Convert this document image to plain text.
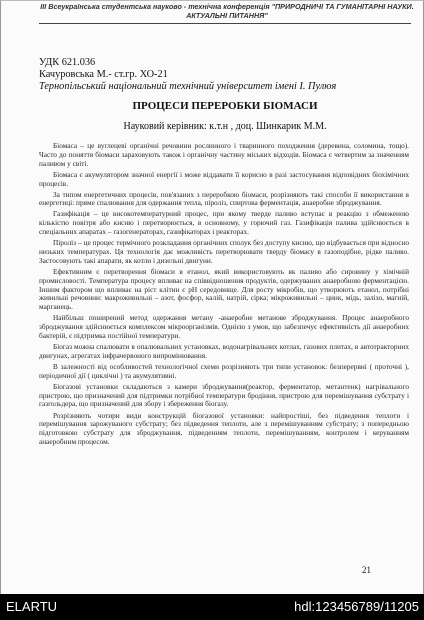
III Всеукраїнська студентська науково - технічна конференція "ПРИРОДНИЧІ ТА ГУМАНІТАРНІ НАУКИ. АКТУАЛЬНІ ПИТАННЯ"
УДК 621.036
Качуровська М.- ст.гр. ХО-21
Тернопільський національний технічний університет імені І. Пулюя
ПРОЦЕСИ ПЕРЕРОБКИ БІОМАСИ
Науковий керівник: к.т.н , доц. Шинкарик М.М.

Біомаса – це вуглецеві органічні речовини рослинного і тваринного походження (деревина, соломина, тощо). Часто до поняття біомаси зараховують також і органічну частину міських відходів. Біомаса є четвертим за значенням паливом у світі.

Біомаса є акумулятором значної енергії і може віддавати її корисно в разі застосування відповідних біохімічних процесів.

За типом енергетичних процесів, пов'язаних з переробкою біомаси, розрізняють такі способи її використання в енергетиці: пряме спалювання для одержання тепла, піроліз, спиртова ферментація, анаеробне зброджування.

Газифікація – це високотемпературний процес, при якому тверде паливо вступає в реакцію з обмеженою кількістю повітря або кисню і перетворюється, в основному, у горючий газ. Газифікація палива здійснюється в спеціальних апаратах – газогенераторах, газифікаторах і реакторах.

Піроліз – це процес термічного розкладання органічних сполук без доступу кисню, що відбувається при відносно низьких температурах. Ця технологія дає можливість перетворювати тверду біомасу в газоподібне, рідке паливо. Застосовують такі апарати, як котли і дизельні двигуни.

Ефективним є перетворення біомаси в етанол, який використовують як паливо або сировину у хімічній промисловості. Температура процесу впливає на співвідношення продуктів, одержуваних анаеробною ферментацією. Іншим фактором що впливає на ріст клітин є pH середовище. Для росту мікробів, що утворюють етанол, потрібні живильні речовини: макроживильні – азот, фосфор, калій, натрій, сірка; мікроживильні – цинк, мідь, залізо, магній, марганець.

Найбільш поширений метод одержання метану -анаеробне метанове зброджування. Процес анаеробного зброджування здійснюється комплексом мікроорганізмів. Однією з умов, що забезпечує ефективність дії анаеробних бактерій, є підтримка постійної температури.

Біогаз можна спалювати в опалювальних установках, водонагрівальних котлах, газових плитах, в автотракторних двигунах, агрегатах інфрачервоного випромінювання.

В залежності від особливостей технологічної схеми розрізняють три типи установок: безперервні ( проточні ), періодичної дії ( циклічні ) та акумулятивні.

Біогазові установки складаються з камери зброджування(реактор, ферментатор, метантенк) нагрівального пристрою, що призначений для підтримки потрібної температури бродіння, пристрою для перемішування субстрату і газгольдера, що призначений для збору і збереження біогазу.

Розрізняють чотири види конструкцій біогазової установки: найпростіші, без підведення теплоти і перемішування зарожуваного субстрату; без підведення теплоти, але з перемішуванням субстрату; з попередньою підготовкою субстрату для зброджування, підведенням теплоти, перемішуванням, контролем і керуванням анаеробним процесом.

21
ELARTU	hdl:123456789/11205
